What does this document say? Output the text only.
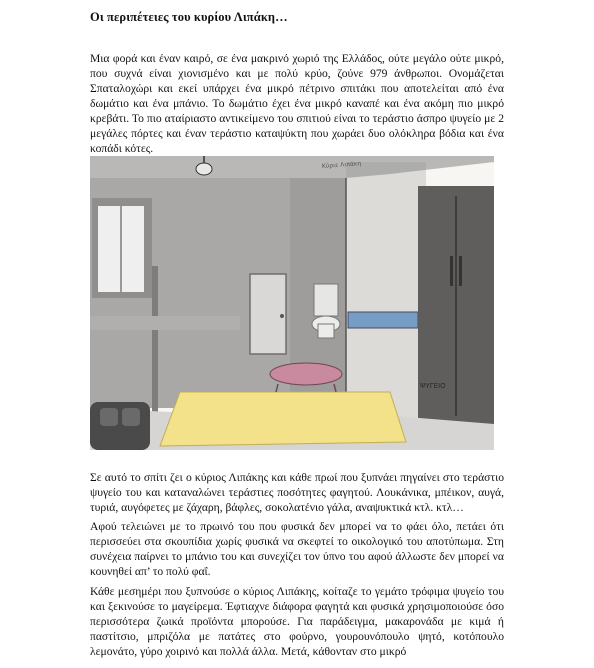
Οι περιπέτειες του κυρίου Λιπάκη…

Μια φορά και έναν καιρό, σε ένα μακρινό χωριό της Ελλάδος, ούτε μεγάλο ούτε μικρό, που συχνά είναι χιονισμένο και με πολύ κρύο, ζούνε 979 άνθρωποι. Ονομάζεται Σπαταλοχώρι και εκεί υπάρχει ένα μικρό πέτρινο σπιτάκι που αποτελείται από ένα δωμάτιο και ένα μπάνιο. Το δωμάτιο έχει ένα μικρό καναπέ και ένα ακόμη πιο μικρό κρεβάτι. Το πιο αταίριαστο αντικείμενο του σπιτιού είναι το τεράστιο άσπρο ψυγείο με 2 μεγάλες πόρτες και έναν τεράστιο καταψύκτη που χωράει δυο ολόκληρα βόδια και ένα κοπάδι κότες.

Κύριε Λιπάκη
ΨΥΓΕΙΟ

Σε αυτό το σπίτι ζει ο κύριος Λιπάκης και κάθε πρωί που ξυπνάει πηγαίνει στο τεράστιο ψυγείο του και καταναλώνει τεράστιες ποσότητες φαγητού. Λουκάνικα, μπέικον, αυγά, τυριά, αυγόφετες με ζάχαρη, βάφλες, σοκολατένιο γάλα, αναψυκτικά κτλ. κτλ…

Αφού τελειώνει με το πρωινό του που φυσικά δεν μπορεί να το φάει όλο, πετάει ότι περισσεύει στα σκουπίδια χωρίς φυσικά να σκεφτεί το οικολογικό του αποτύπωμα. Στη συνέχεια παίρνει το μπάνιο του και συνεχίζει τον ύπνο του αφού άλλωστε δεν μπορεί να κουνηθεί απ’ το πολύ φαΐ.

Κάθε μεσημέρι που ξυπνούσε ο κύριος Λιπάκης, κοίταζε το γεμάτο τρόφιμα ψυγείο του και ξεκινούσε το μαγείρεμα. Έφτιαχνε διάφορα φαγητά και φυσικά χρησιμοποιούσε όσο περισσότερα ζωικά προϊόντα μπορούσε. Για παράδειγμα, μακαρονάδα με κιμά ή παστίτσιο, μπριζόλα με πατάτες στο φούρνο, γουρουνόπουλο ψητό, κοτόπουλο λεμονάτο, γύρο χοιρινό και πολλά άλλα. Μετά, κάθονταν στο μικρό
